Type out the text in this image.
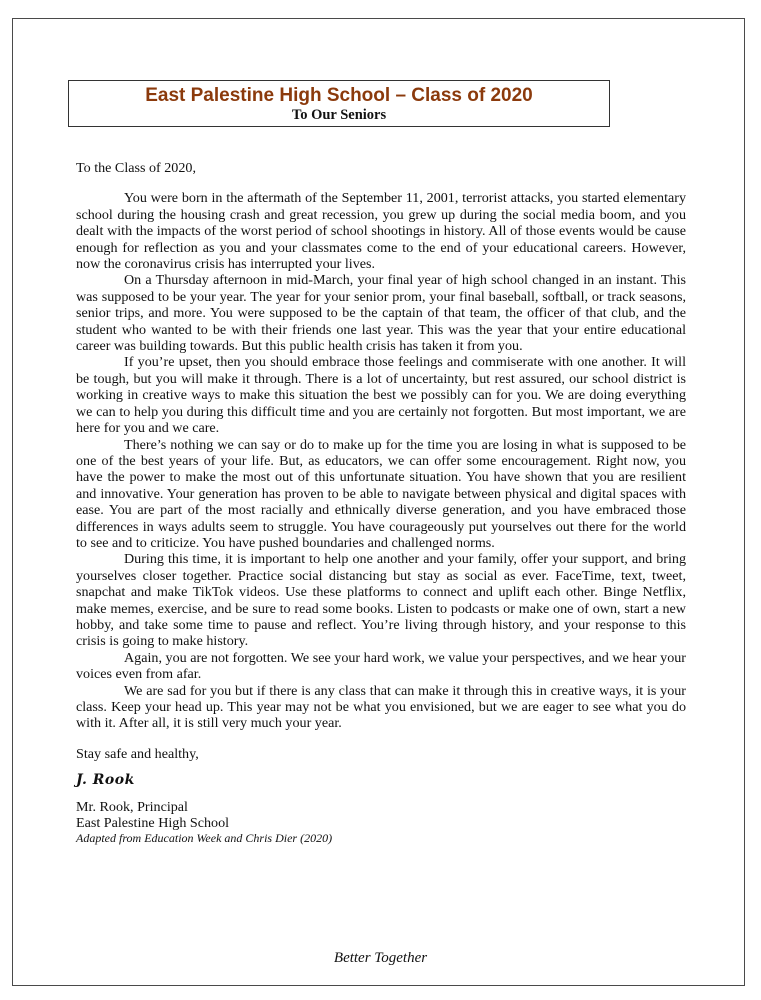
East Palestine High School – Class of 2020
To Our Seniors

To the Class of 2020,

You were born in the aftermath of the September 11, 2001, terrorist attacks, you started elementary school during the housing crash and great recession, you grew up during the social media boom, and you dealt with the impacts of the worst period of school shootings in history. All of those events would be cause enough for reflection as you and your classmates come to the end of your educational careers. However, now the coronavirus crisis has interrupted your lives.

On a Thursday afternoon in mid-March, your final year of high school changed in an instant. This was supposed to be your year. The year for your senior prom, your final baseball, softball, or track seasons, senior trips, and more. You were supposed to be the captain of that team, the officer of that club, and the student who wanted to be with their friends one last year. This was the year that your entire educational career was building towards. But this public health crisis has taken it from you.

If you’re upset, then you should embrace those feelings and commiserate with one another. It will be tough, but you will make it through. There is a lot of uncertainty, but rest assured, our school district is working in creative ways to make this situation the best we possibly can for you. We are doing everything we can to help you during this difficult time and you are certainly not forgotten. But most important, we are here for you and we care.

There’s nothing we can say or do to make up for the time you are losing in what is supposed to be one of the best years of your life. But, as educators, we can offer some encouragement. Right now, you have the power to make the most out of this unfortunate situation. You have shown that you are resilient and innovative. Your generation has proven to be able to navigate between physical and digital spaces with ease. You are part of the most racially and ethnically diverse generation, and you have embraced those differences in ways adults seem to struggle. You have courageously put yourselves out there for the world to see and to criticize. You have pushed boundaries and challenged norms.

During this time, it is important to help one another and your family, offer your support, and bring yourselves closer together. Practice social distancing but stay as social as ever. FaceTime, text, tweet, snapchat and make TikTok videos. Use these platforms to connect and uplift each other. Binge Netflix, make memes, exercise, and be sure to read some books. Listen to podcasts or make one of own, start a new hobby, and take some time to pause and reflect. You’re living through history, and your response to this crisis is going to make history.

Again, you are not forgotten. We see your hard work, we value your perspectives, and we hear your voices even from afar.

We are sad for you but if there is any class that can make it through this in creative ways, it is your class. Keep your head up. This year may not be what you envisioned, but we are eager to see what you do with it. After all, it is still very much your year.

Stay safe and healthy,

J. Rook

Mr. Rook, Principal

East Palestine High School

Adapted from Education Week and Chris Dier (2020)

Better Together
